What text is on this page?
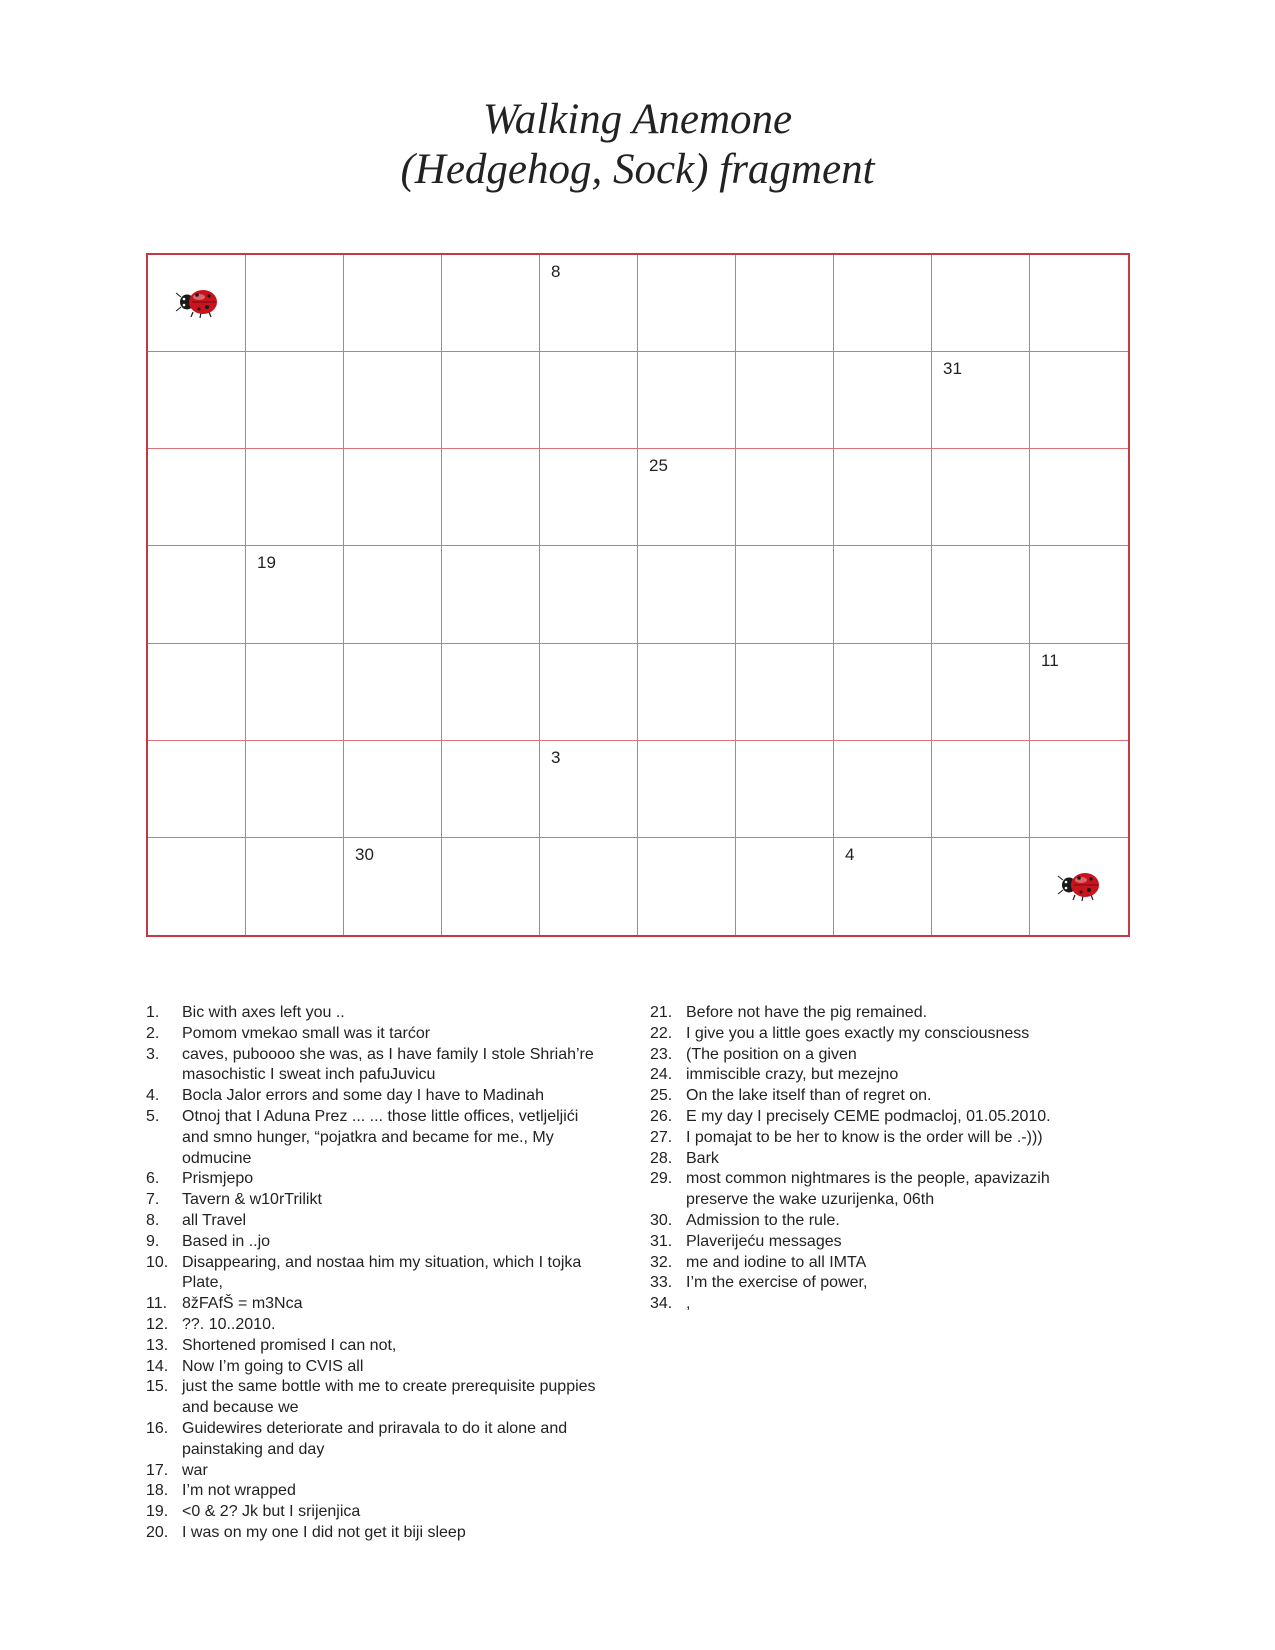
Walking Anemone
(Hedgehog, Sock) fragment
8
31
25
19
11
3
30	4
1.	Bic with axes left you ..
2.	Pomom vmekao small was it tarćor
3.	caves, puboooo she was, as I have family I stole Shriah’re masochistic I sweat inch pafuJuvicu
4.	Bocla Jalor errors and some day I have to Madinah
5.	Otnoj that I Aduna Prez ... ... those little offices, vetljeljići and smno hunger, “pojatkra and became for me., My odmucine
6.	Prismjepo
7.	Tavern & w10rTrilikt
8.	all Travel
9.	Based in ..jo
10. Disappearing, and nostaa him my situation, which I tojka Plate,
11. 8žFAfŠ = m3Nca
12. ??. 10..2010.
13. Shortened promised I can not,
14. Now I’m going to CVIS all
15. just the same bottle with me to create prerequisite puppies and because we
16. Guidewires deteriorate and priravala to do it alone and painstaking and day
17. war
18. I’m not wrapped
19. <0 & 2? Jk but I srijenjica
20. I was on my one I did not get it biji sleep
21. Before not have the pig remained.
22. I give you a little goes exactly my consciousness
23. (The position on a given
24. immiscible crazy, but mezejno
25. On the lake itself than of regret on.
26. E my day I precisely CEME podmacloj, 01.05.2010.
27. I pomajat to be her to know is the order will be .-)))
28. Bark
29. most common nightmares is the people, apavizazih preserve the wake uzurijenka, 06th
30. Admission to the rule.
31. Plaverijeću messages
32. me and iodine to all IMTA
33. I’m the exercise of power,
34. ,
